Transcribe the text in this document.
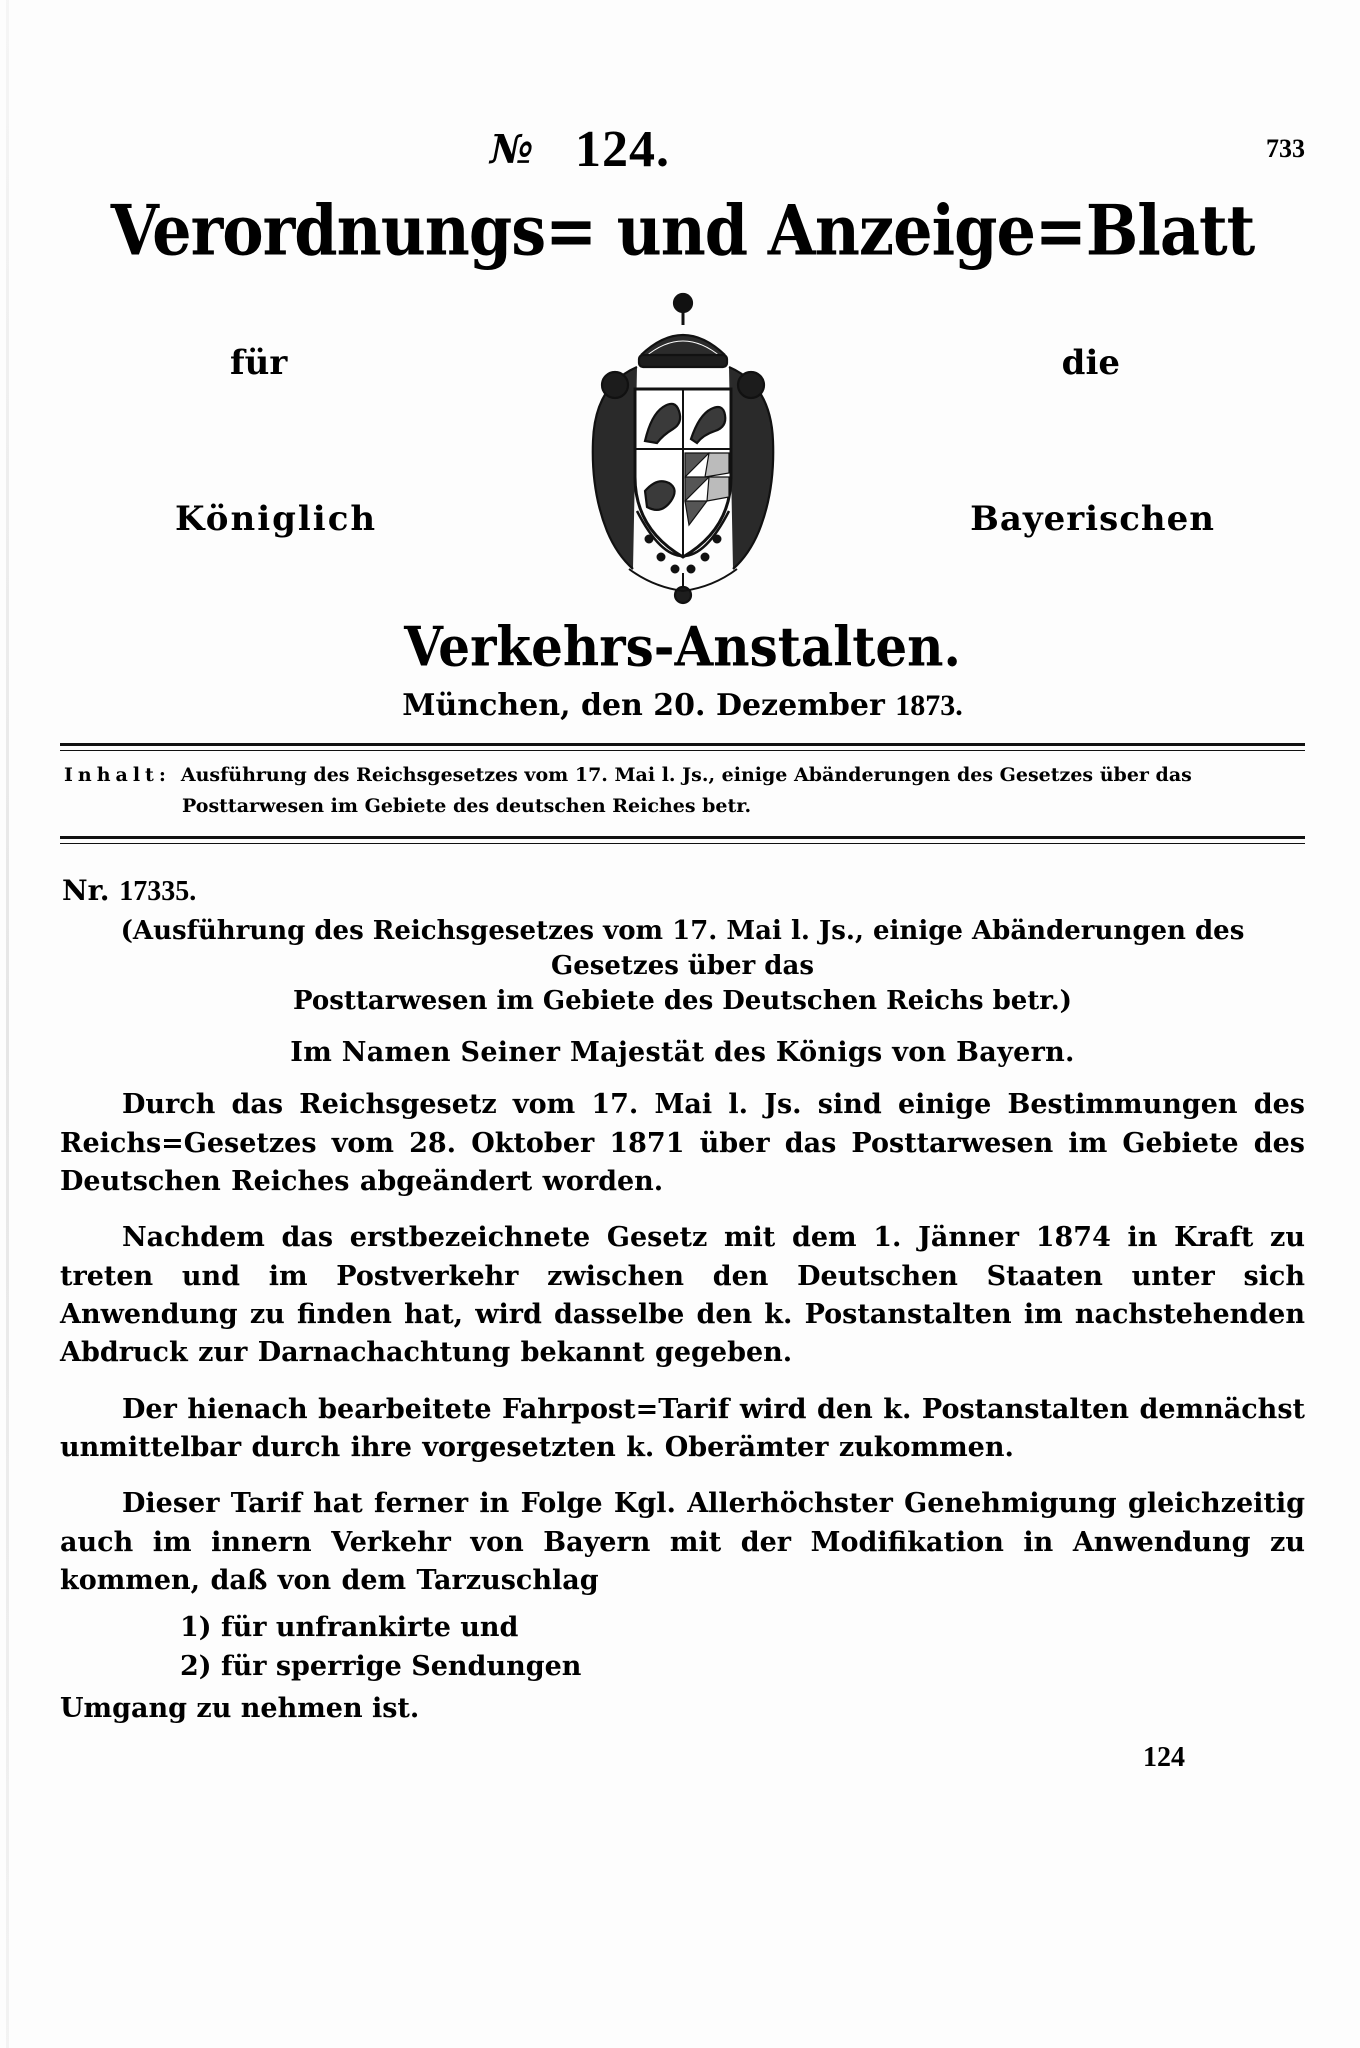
№ 124.	733
Verordnungs= und Anzeige=Blatt
für	die
Königlich	Bayerischen
Verkehrs-Anstalten.
München, den 20. Dezember 1873.
Inhalt: Ausführung des Reichsgesetzes vom 17. Mai l. Js., einige Abänderungen des Gesetzes über das
Posttarwesen im Gebiete des deutschen Reiches betr.
Nr. 17335.
(Ausführung des Reichsgesetzes vom 17. Mai l. Js., einige Abänderungen des Gesetzes über das
Posttarwesen im Gebiete des Deutschen Reichs betr.)
Im Namen Seiner Majestät des Königs von Bayern.

Durch das Reichsgesetz vom 17. Mai l. Js. sind einige Bestimmungen des Reichs=Gesetzes vom 28. Oktober 1871 über das Posttarwesen im Gebiete des Deutschen Reiches abgeändert worden.

Nachdem das erstbezeichnete Gesetz mit dem 1. Jänner 1874 in Kraft zu treten und im Postverkehr zwischen den Deutschen Staaten unter sich Anwendung zu finden hat, wird dasselbe den k. Postanstalten im nachstehenden Abdruck zur Darnachachtung bekannt gegeben.

Der hienach bearbeitete Fahrpost=Tarif wird den k. Postanstalten demnächst unmittelbar durch ihre vorgesetzten k. Oberämter zukommen.

Dieser Tarif hat ferner in Folge Kgl. Allerhöchster Genehmigung gleichzeitig auch im innern Verkehr von Bayern mit der Modifikation in Anwendung zu kommen, daß von dem Tarzuschlag

1) für unfrankirte und
2) für sperrige Sendungen
Umgang zu nehmen ist.
124
